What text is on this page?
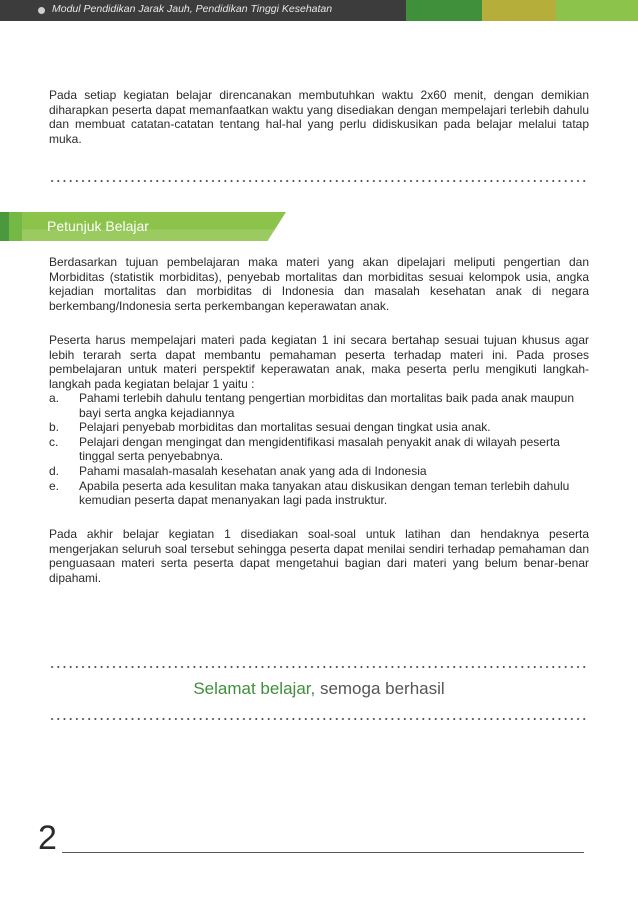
Modul Pendidikan Jarak Jauh, Pendidikan Tinggi Kesehatan

Pada setiap kegiatan belajar direncanakan membutuhkan waktu 2x60 menit, dengan demikian diharapkan peserta dapat memanfaatkan waktu yang disediakan dengan mempelajari terlebih dahulu dan membuat catatan-catatan tentang hal-hal yang perlu didiskusikan pada belajar melalui tatap muka.

Petunjuk Belajar

Berdasarkan tujuan pembelajaran maka materi yang akan dipelajari meliputi pengertian dan Morbiditas (statistik morbiditas), penyebab mortalitas dan morbiditas sesuai kelompok usia, angka kejadian mortalitas dan morbiditas di Indonesia dan masalah kesehatan anak di negara berkembang/Indonesia serta perkembangan keperawatan anak.

Peserta harus mempelajari materi pada kegiatan 1 ini secara bertahap sesuai tujuan khusus agar lebih terarah serta dapat membantu pemahaman peserta terhadap materi ini. Pada proses pembelajaran untuk materi perspektif keperawatan anak, maka peserta perlu mengikuti langkah-langkah pada kegiatan belajar 1 yaitu :

a. Pahami terlebih dahulu tentang pengertian morbiditas dan mortalitas baik pada anak maupun bayi serta angka kejadiannya
b. Pelajari penyebab morbiditas dan mortalitas sesuai dengan tingkat usia anak.
c. Pelajari dengan mengingat dan mengidentifikasi masalah penyakit anak di wilayah peserta tinggal serta penyebabnya.
d. Pahami masalah-masalah kesehatan anak yang ada di Indonesia
e. Apabila peserta ada kesulitan maka tanyakan atau diskusikan dengan teman terlebih dahulu kemudian peserta dapat menanyakan lagi pada instruktur.

Pada akhir belajar kegiatan 1 disediakan soal-soal untuk latihan dan hendaknya peserta mengerjakan seluruh soal tersebut sehingga peserta dapat menilai sendiri terhadap pemahaman dan penguasaan materi serta peserta dapat mengetahui bagian dari materi yang belum benar-benar dipahami.

Selamat belajar, semoga berhasil
2
